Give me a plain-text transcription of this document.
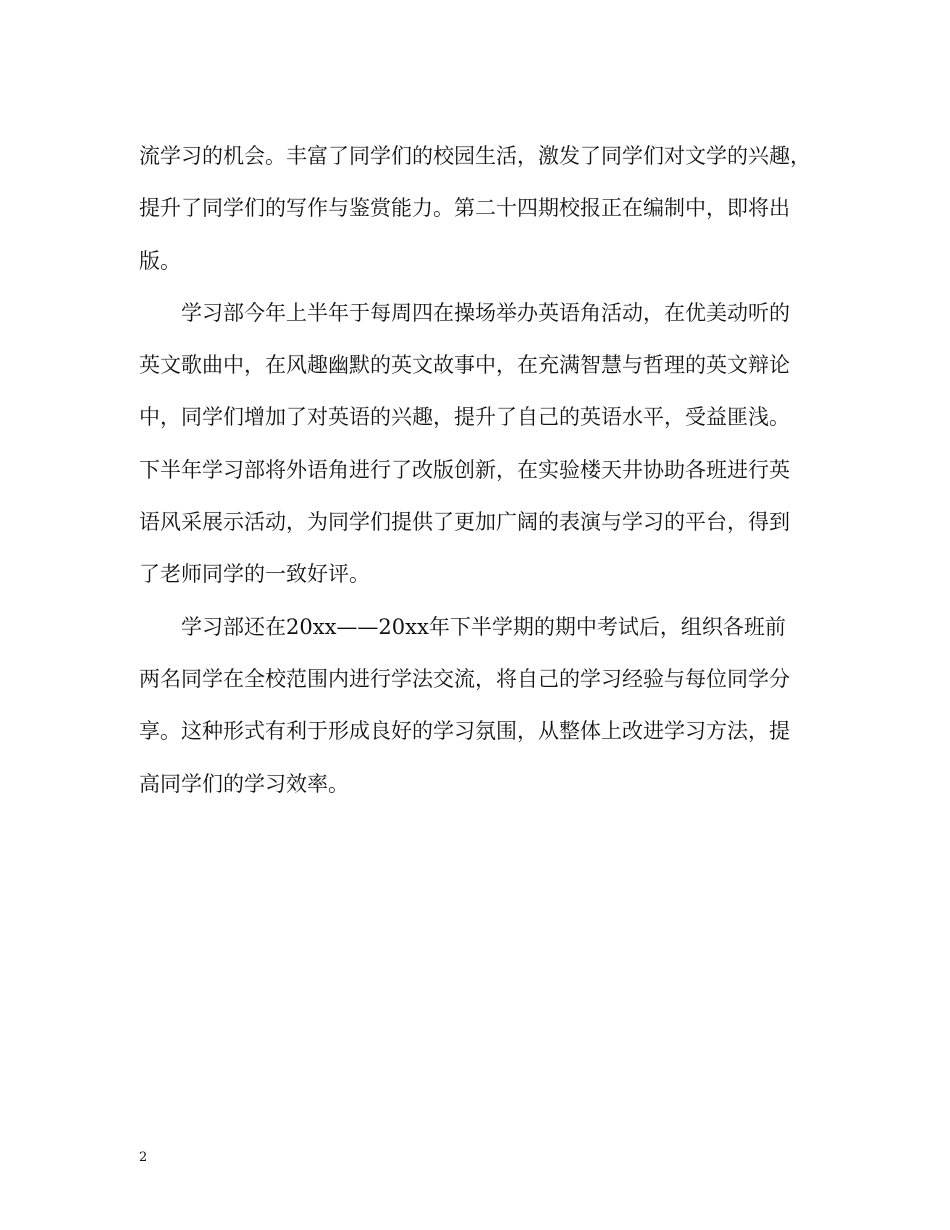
流学习的机会。丰富了同学们的校园生活，激发了同学们对文学的兴趣，
提升了同学们的写作与鉴赏能力。第二十四期校报正在编制中，即将出
版。

　　学习部今年上半年于每周四在操场举办英语角活动，在优美动听的
英文歌曲中，在风趣幽默的英文故事中，在充满智慧与哲理的英文辩论
中，同学们增加了对英语的兴趣，提升了自己的英语水平，受益匪浅。
下半年学习部将外语角进行了改版创新，在实验楼天井协助各班进行英
语风采展示活动，为同学们提供了更加广阔的表演与学习的平台，得到
了老师同学的一致好评。

　　学习部还在20xx——20xx年下半学期的期中考试后，组织各班前
两名同学在全校范围内进行学法交流，将自己的学习经验与每位同学分
享。这种形式有利于形成良好的学习氛围，从整体上改进学习方法，提
高同学们的学习效率。

2
